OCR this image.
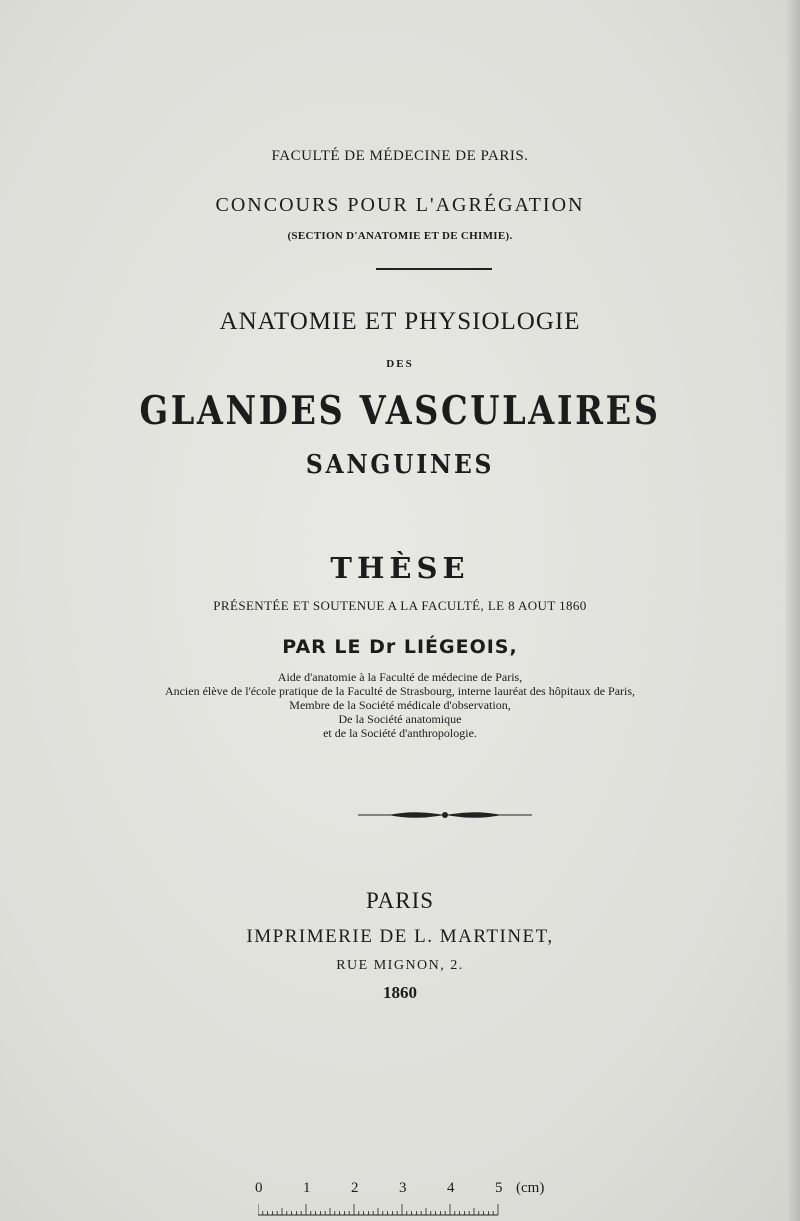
FACULTÉ DE MÉDECINE DE PARIS.
CONCOURS POUR L'AGRÉGATION
(SECTION D'ANATOMIE ET DE CHIMIE).
ANATOMIE ET PHYSIOLOGIE
DES
GLANDES VASCULAIRES
SANGUINES
THÈSE
PRÉSENTÉE ET SOUTENUE A LA FACULTÉ, LE 8 AOUT 1860
PAR LE Dr LIÉGEOIS,
Aide d'anatomie à la Faculté de médecine de Paris,
Ancien élève de l'école pratique de la Faculté de Strasbourg, interne lauréat des hôpitaux de Paris,
Membre de la Société médicale d'observation,
De la Société anatomique
et de la Société d'anthropologie.
PARIS
IMPRIMERIE DE L. MARTINET,
RUE MIGNON, 2.
1860
0	1	2	3	4	5 (cm)
